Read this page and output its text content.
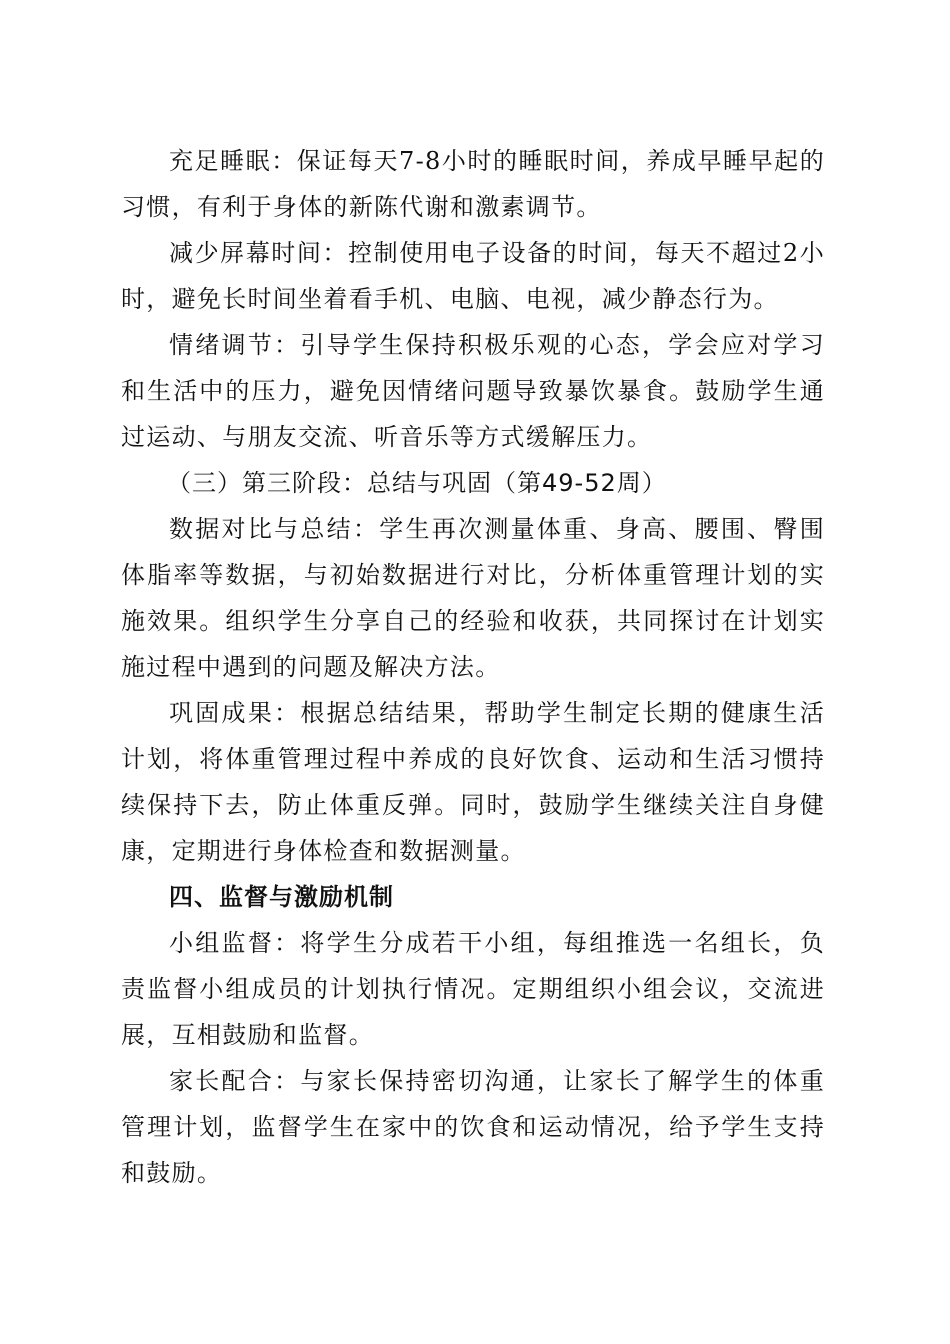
充足睡眠：保证每天7-8小时的睡眠时间，养成早睡早起的习惯，有利于身体的新陈代谢和激素调节。

减少屏幕时间：控制使用电子设备的时间，每天不超过2小时，避免长时间坐着看手机、电脑、电视，减少静态行为。

情绪调节：引导学生保持积极乐观的心态，学会应对学习和生活中的压力，避免因情绪问题导致暴饮暴食。鼓励学生通过运动、与朋友交流、听音乐等方式缓解压力。

（三）第三阶段：总结与巩固（第49-52周）

数据对比与总结：学生再次测量体重、身高、腰围、臀围体脂率等数据，与初始数据进行对比，分析体重管理计划的实施效果。组织学生分享自己的经验和收获，共同探讨在计划实施过程中遇到的问题及解决方法。

巩固成果：根据总结结果，帮助学生制定长期的健康生活计划，将体重管理过程中养成的良好饮食、运动和生活习惯持续保持下去，防止体重反弹。同时，鼓励学生继续关注自身健康，定期进行身体检查和数据测量。

四、监督与激励机制

小组监督：将学生分成若干小组，每组推选一名组长，负责监督小组成员的计划执行情况。定期组织小组会议，交流进展，互相鼓励和监督。

家长配合：与家长保持密切沟通，让家长了解学生的体重管理计划，监督学生在家中的饮食和运动情况，给予学生支持和鼓励。
